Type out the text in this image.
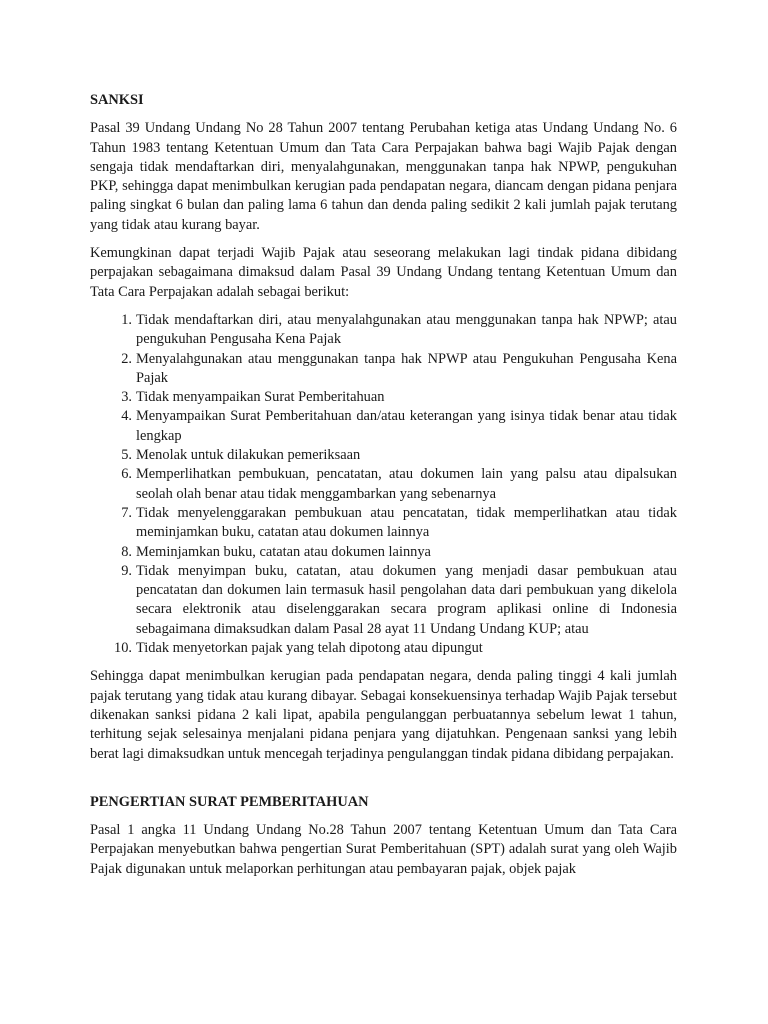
SANKSI

Pasal 39 Undang Undang No 28 Tahun 2007 tentang Perubahan ketiga atas Undang Undang No. 6 Tahun 1983 tentang Ketentuan Umum dan Tata Cara Perpajakan bahwa bagi Wajib Pajak dengan sengaja tidak mendaftarkan diri, menyalahgunakan, menggunakan tanpa hak NPWP, pengukuhan PKP, sehingga dapat menimbulkan kerugian pada pendapatan negara, diancam dengan pidana penjara paling singkat 6 bulan dan paling lama 6 tahun dan denda paling sedikit 2 kali jumlah pajak terutang yang tidak atau kurang bayar.

Kemungkinan dapat terjadi Wajib Pajak atau seseorang melakukan lagi tindak pidana dibidang perpajakan sebagaimana dimaksud dalam Pasal 39 Undang Undang tentang Ketentuan Umum dan Tata Cara Perpajakan adalah sebagai berikut:

1. Tidak mendaftarkan diri, atau menyalahgunakan atau menggunakan tanpa hak NPWP; atau pengukuhan Pengusaha Kena Pajak
2. Menyalahgunakan atau menggunakan tanpa hak NPWP atau Pengukuhan Pengusaha Kena Pajak
3. Tidak menyampaikan Surat Pemberitahuan
4. Menyampaikan Surat Pemberitahuan dan/atau keterangan yang isinya tidak benar atau tidak lengkap
5. Menolak untuk dilakukan pemeriksaan
6. Memperlihatkan pembukuan, pencatatan, atau dokumen lain yang palsu atau dipalsukan seolah olah benar atau tidak menggambarkan yang sebenarnya
7. Tidak menyelenggarakan pembukuan atau pencatatan, tidak memperlihatkan atau tidak meminjamkan buku, catatan atau dokumen lainnya
8. Meminjamkan buku, catatan atau dokumen lainnya
9. Tidak menyimpan buku, catatan, atau dokumen yang menjadi dasar pembukuan atau pencatatan dan dokumen lain termasuk hasil pengolahan data dari pembukuan yang dikelola secara elektronik atau diselenggarakan secara program aplikasi online di Indonesia sebagaimana dimaksudkan dalam Pasal 28 ayat 11 Undang Undang KUP; atau
10. Tidak menyetorkan pajak yang telah dipotong atau dipungut

Sehingga dapat menimbulkan kerugian pada pendapatan negara, denda paling tinggi 4 kali jumlah pajak terutang yang tidak atau kurang dibayar. Sebagai konsekuensinya terhadap Wajib Pajak tersebut dikenakan sanksi pidana 2 kali lipat, apabila pengulanggan perbuatannya sebelum lewat 1 tahun, terhitung sejak selesainya menjalani pidana penjara yang dijatuhkan. Pengenaan sanksi yang lebih berat lagi dimaksudkan untuk mencegah terjadinya pengulanggan tindak pidana dibidang perpajakan.

PENGERTIAN SURAT PEMBERITAHUAN

Pasal 1 angka 11 Undang Undang No.28 Tahun 2007 tentang Ketentuan Umum dan Tata Cara Perpajakan menyebutkan bahwa pengertian Surat Pemberitahuan (SPT) adalah surat yang oleh Wajib Pajak digunakan untuk melaporkan perhitungan atau pembayaran pajak, objek pajak
